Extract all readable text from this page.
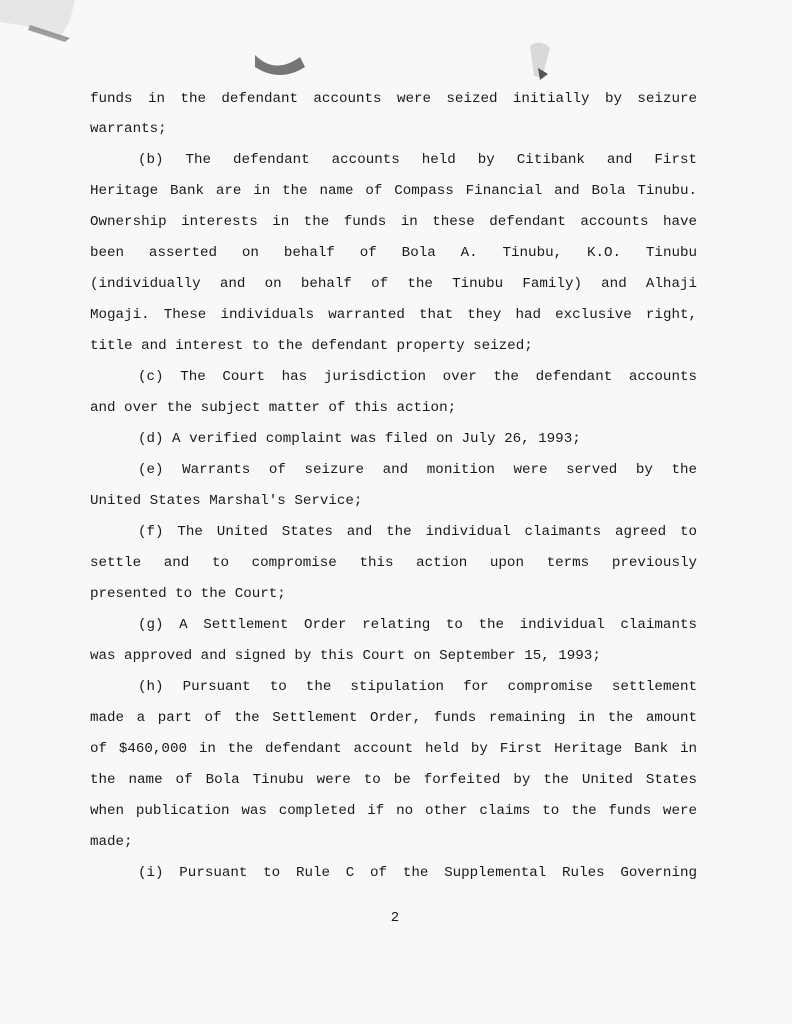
funds in the defendant accounts were seized initially by seizure
warrants;
(b) The defendant accounts held by Citibank and First
Heritage Bank are in the name of Compass Financial and Bola Tinubu.
Ownership interests in the funds in these defendant accounts have
been asserted on behalf of Bola A. Tinubu, K.O. Tinubu
(individually and on behalf of the Tinubu Family) and Alhaji
Mogaji. These individuals warranted that they had exclusive right,
title and interest to the defendant property seized;
(c) The Court has jurisdiction over the defendant accounts
and over the subject matter of this action;
(d) A verified complaint was filed on July 26, 1993;
(e) Warrants of seizure and monition were served by the
United States Marshal's Service;
(f) The United States and the individual claimants agreed to
settle and to compromise this action upon terms previously
presented to the Court;
(g) A Settlement Order relating to the individual claimants
was approved and signed by this Court on September 15, 1993;
(h) Pursuant to the stipulation for compromise settlement
made a part of the Settlement Order, funds remaining in the amount
of $460,000 in the defendant account held by First Heritage Bank in
the name of Bola Tinubu were to be forfeited by the United States
when publication was completed if no other claims to the funds were
made;
(i) Pursuant to Rule C of the Supplemental Rules Governing
2
